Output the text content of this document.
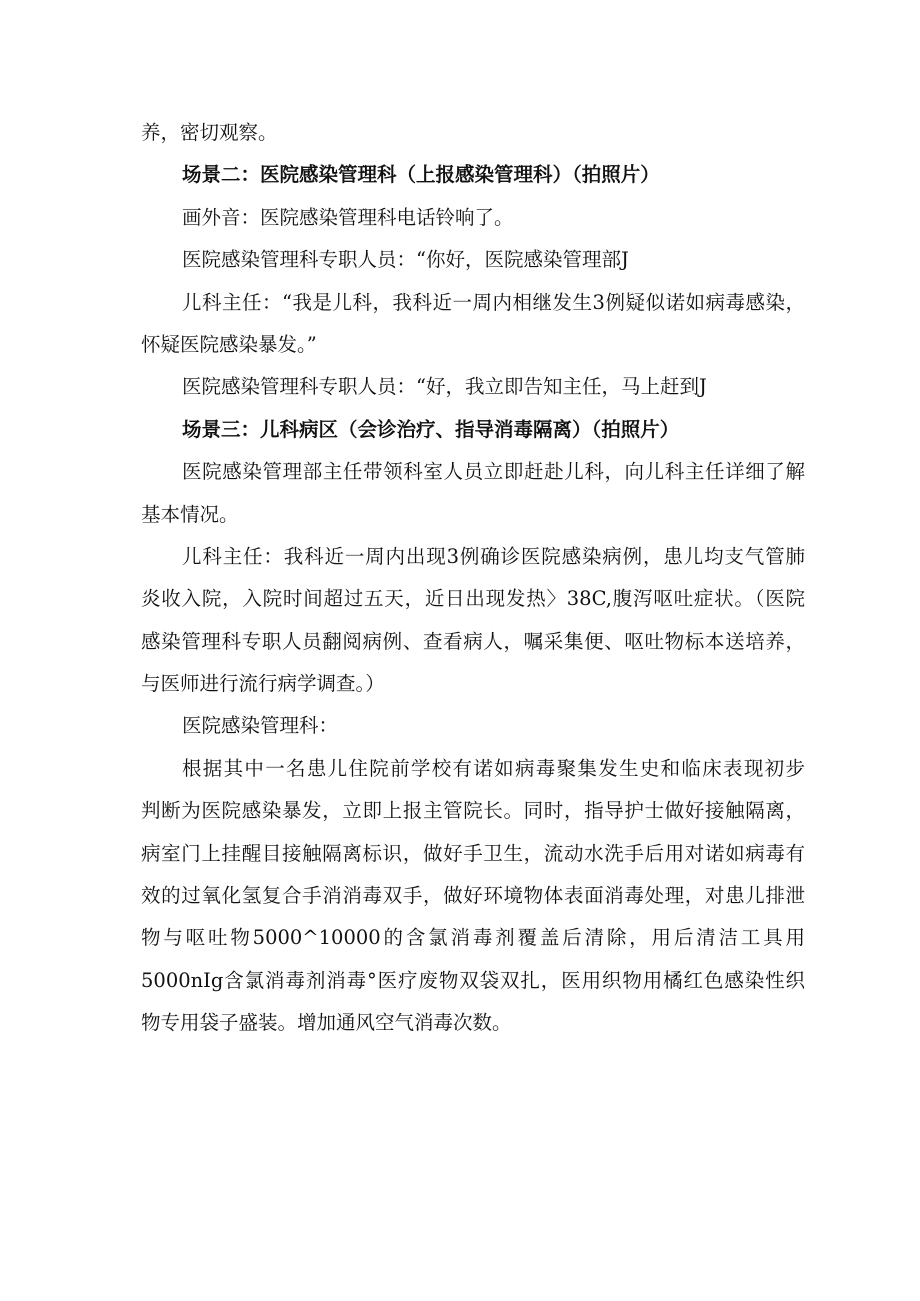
养，密切观察。
场景二：医院感染管理科（上报感染管理科）（拍照片）
画外音：医院感染管理科电话铃响了。
医院感染管理科专职人员：“你好，医院感染管理部J
儿科主任：“我是儿科，我科近一周内相继发生3例疑似诺如病毒感染，
怀疑医院感染暴发。”
医院感染管理科专职人员：“好，我立即告知主任，马上赶到J
场景三：儿科病区（会诊治疗、指导消毒隔离）（拍照片）
医院感染管理部主任带领科室人员立即赶赴儿科，向儿科主任详细了解
基本情况。
儿科主任：我科近一周内出现3例确诊医院感染病例，患儿均支气管肺
炎收入院，入院时间超过五天，近日出现发热〉38C,腹泻呕吐症状。（医院
感染管理科专职人员翻阅病例、查看病人，嘱采集便、呕吐物标本送培养，
与医师进行流行病学调查。）
医院感染管理科：
根据其中一名患儿住院前学校有诺如病毒聚集发生史和临床表现初步
判断为医院感染暴发，立即上报主管院长。同时，指导护士做好接触隔离，
病室门上挂醒目接触隔离标识，做好手卫生，流动水洗手后用对诺如病毒有
效的过氧化氢复合手消消毒双手，做好环境物体表面消毒处理，对患儿排泄
物与呕吐物5000^10000的含氯消毒剂覆盖后清除，用后清洁工具用
5000nIg含氯消毒剂消毒°医疗废物双袋双扎，医用织物用橘红色感染性织
物专用袋子盛装。增加通风空气消毒次数。
